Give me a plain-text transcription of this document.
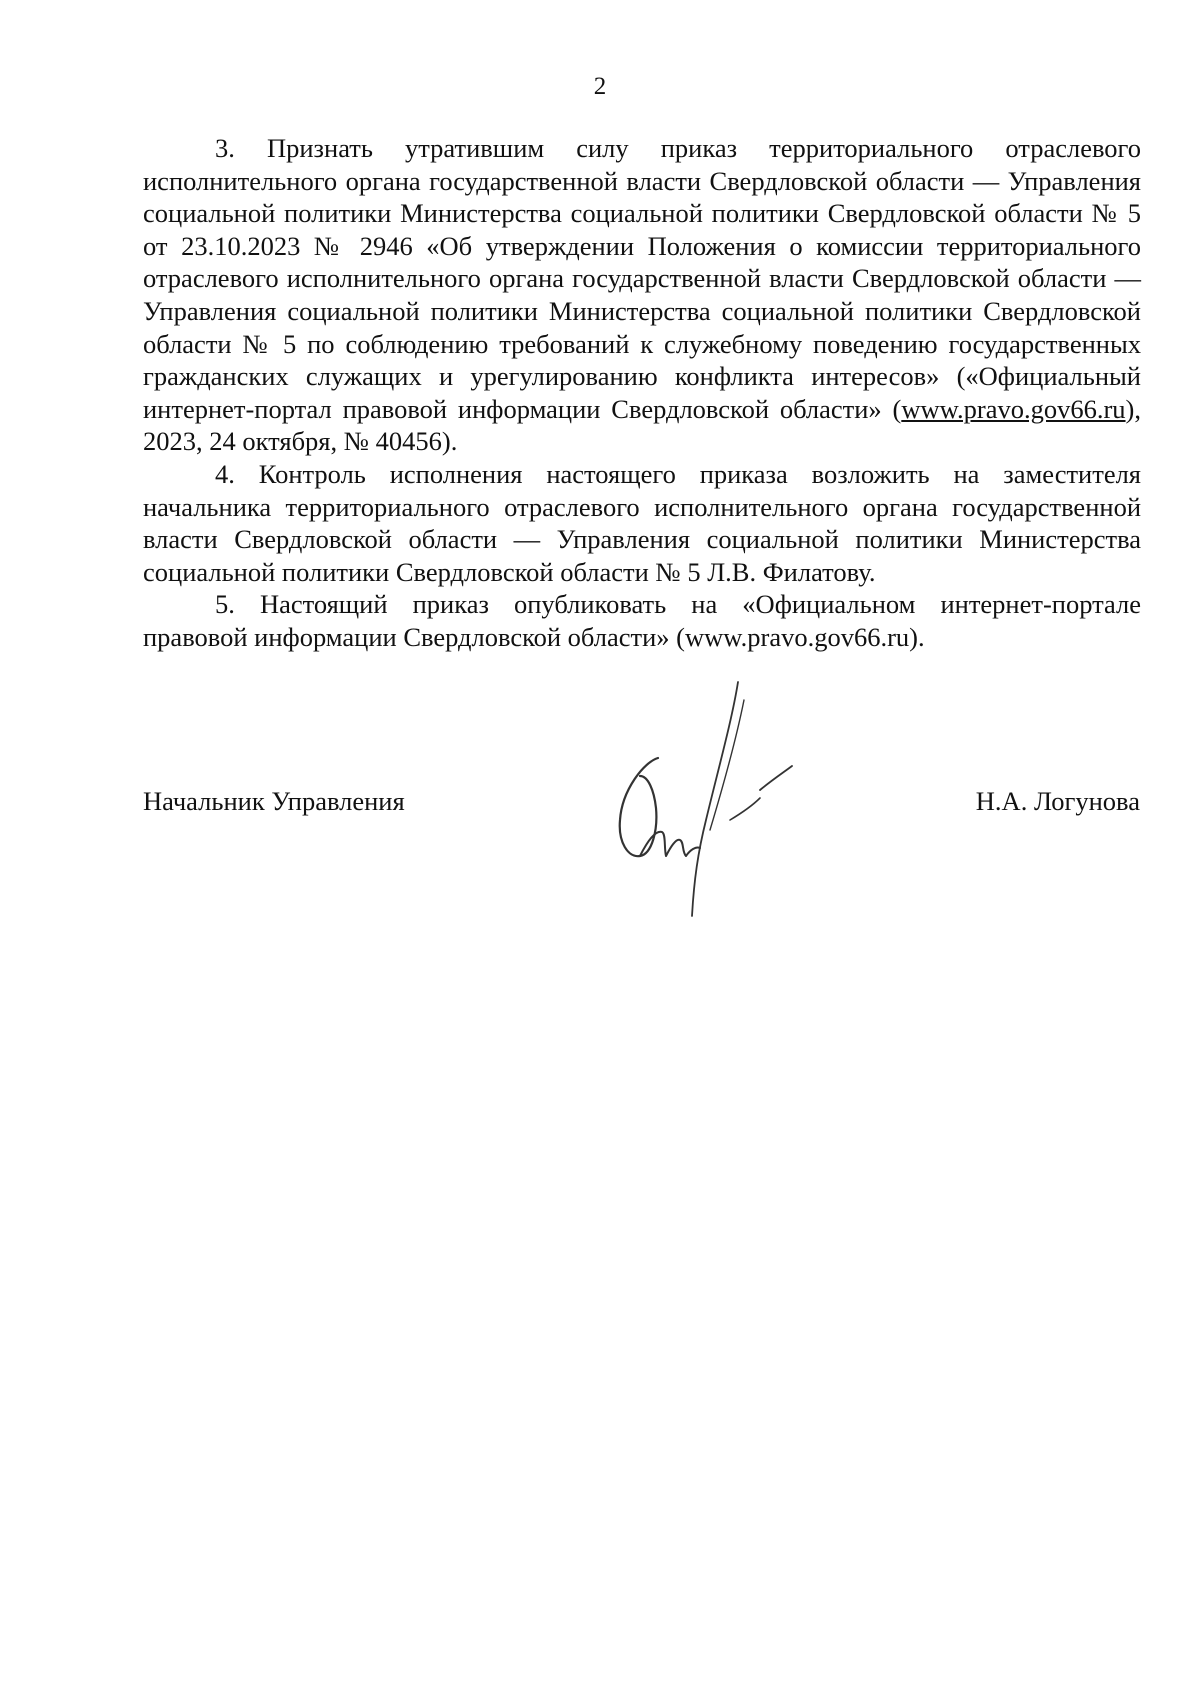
2

3. Признать утратившим силу приказ территориального отраслевого исполнительного органа государственной власти Свердловской области — Управления социальной политики Министерства социальной политики Свердловской области № 5 от 23.10.2023 № 2946 «Об утверждении Положения о комиссии территориального отраслевого исполнительного органа государственной власти Свердловской области — Управления социальной политики Министерства социальной политики Свердловской области № 5 по соблюдению требований к служебному поведению государственных гражданских служащих и урегулированию конфликта интересов» («Официальный интернет-портал правовой информации Свердловской области» (www.pravo.gov66.ru), 2023, 24 октября, № 40456).

4. Контроль исполнения настоящего приказа возложить на заместителя начальника территориального отраслевого исполнительного органа государственной власти Свердловской области — Управления социальной политики Министерства социальной политики Свердловской области № 5 Л.В. Филатову.

5. Настоящий приказ опубликовать на «Официальном интернет-портале правовой информации Свердловской области» (www.pravo.gov66.ru).

Начальник Управления	Н.А. Логунова
